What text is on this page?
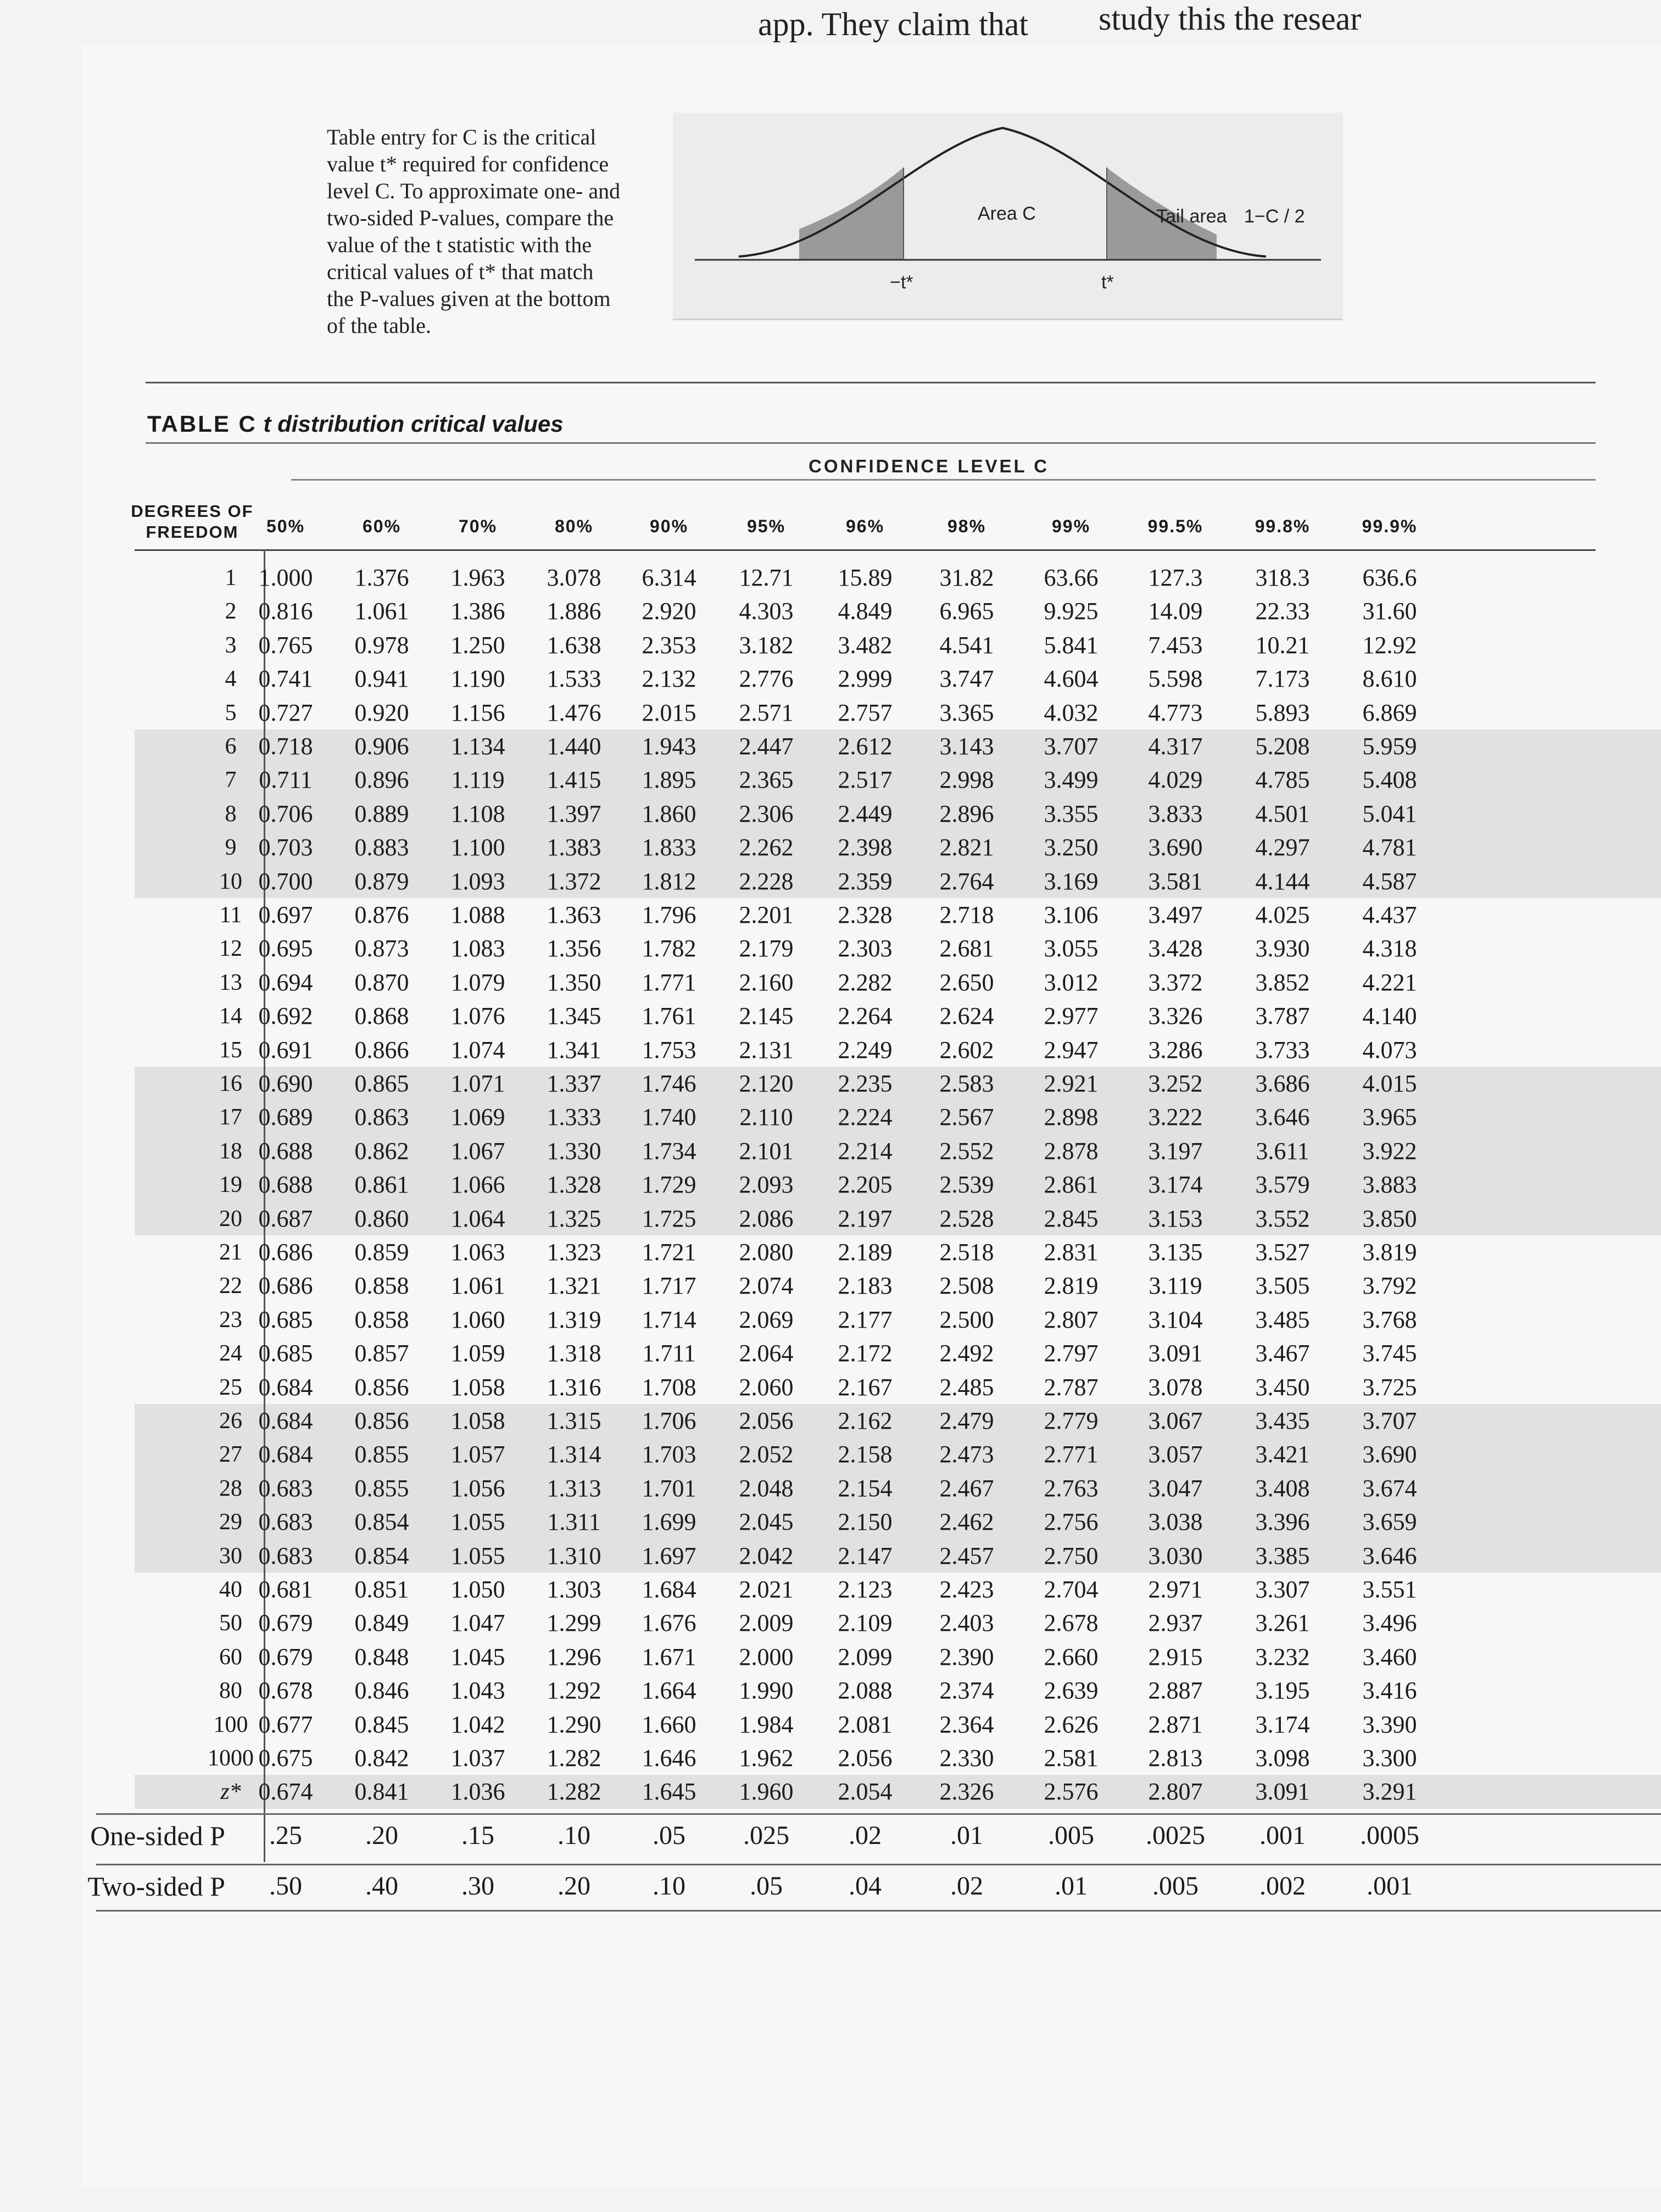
app. They claim that study this the resear
Table entry for C is the critical
value t* required for confidence
level C. To approximate one- and
two-sided P-values, compare the
value of the t statistic with the
critical values of t* that match
the P-values given at the bottom
of the table.
Area C	Tail area 1−C / 2
−t*	t*
TABLE C t distribution critical values
CONFIDENCE LEVEL C
DEGREES OF
FREEDOM	50%	60%	70%	80%	90%	95%	96%	98%	99%	99.5%	99.8%	99.9%
1 1.000	1.376	1.963	3.078	6.314	12.71	15.89	31.82	63.66	127.3	318.3	636.6
2 0.816	1.061	1.386	1.886	2.920	4.303	4.849	6.965	9.925	14.09	22.33	31.60
3 0.765	0.978	1.250	1.638	2.353	3.182	3.482	4.541	5.841	7.453	10.21	12.92
4 0.741	0.941	1.190	1.533	2.132	2.776	2.999	3.747	4.604	5.598	7.173	8.610
5 0.727	0.920	1.156	1.476	2.015	2.571	2.757	3.365	4.032	4.773	5.893	6.869
6 0.718	0.906	1.134	1.440	1.943	2.447	2.612	3.143	3.707	4.317	5.208	5.959
7 0.711	0.896	1.119	1.415	1.895	2.365	2.517	2.998	3.499	4.029	4.785	5.408
8 0.706	0.889	1.108	1.397	1.860	2.306	2.449	2.896	3.355	3.833	4.501	5.041
9 0.703	0.883	1.100	1.383	1.833	2.262	2.398	2.821	3.250	3.690	4.297	4.781
10 0.700	0.879	1.093	1.372	1.812	2.228	2.359	2.764	3.169	3.581	4.144	4.587
11 0.697	0.876	1.088	1.363	1.796	2.201	2.328	2.718	3.106	3.497	4.025	4.437
12 0.695	0.873	1.083	1.356	1.782	2.179	2.303	2.681	3.055	3.428	3.930	4.318
13 0.694	0.870	1.079	1.350	1.771	2.160	2.282	2.650	3.012	3.372	3.852	4.221
14 0.692	0.868	1.076	1.345	1.761	2.145	2.264	2.624	2.977	3.326	3.787	4.140
15 0.691	0.866	1.074	1.341	1.753	2.131	2.249	2.602	2.947	3.286	3.733	4.073
16 0.690	0.865	1.071	1.337	1.746	2.120	2.235	2.583	2.921	3.252	3.686	4.015
17 0.689	0.863	1.069	1.333	1.740	2.110	2.224	2.567	2.898	3.222	3.646	3.965
18 0.688	0.862	1.067	1.330	1.734	2.101	2.214	2.552	2.878	3.197	3.611	3.922
19 0.688	0.861	1.066	1.328	1.729	2.093	2.205	2.539	2.861	3.174	3.579	3.883
20 0.687	0.860	1.064	1.325	1.725	2.086	2.197	2.528	2.845	3.153	3.552	3.850
21 0.686	0.859	1.063	1.323	1.721	2.080	2.189	2.518	2.831	3.135	3.527	3.819
22 0.686	0.858	1.061	1.321	1.717	2.074	2.183	2.508	2.819	3.119	3.505	3.792
23 0.685	0.858	1.060	1.319	1.714	2.069	2.177	2.500	2.807	3.104	3.485	3.768
24 0.685	0.857	1.059	1.318	1.711	2.064	2.172	2.492	2.797	3.091	3.467	3.745
25 0.684	0.856	1.058	1.316	1.708	2.060	2.167	2.485	2.787	3.078	3.450	3.725
26 0.684	0.856	1.058	1.315	1.706	2.056	2.162	2.479	2.779	3.067	3.435	3.707
27 0.684	0.855	1.057	1.314	1.703	2.052	2.158	2.473	2.771	3.057	3.421	3.690
28 0.683	0.855	1.056	1.313	1.701	2.048	2.154	2.467	2.763	3.047	3.408	3.674
29 0.683	0.854	1.055	1.311	1.699	2.045	2.150	2.462	2.756	3.038	3.396	3.659
30 0.683	0.854	1.055	1.310	1.697	2.042	2.147	2.457	2.750	3.030	3.385	3.646
40 0.681	0.851	1.050	1.303	1.684	2.021	2.123	2.423	2.704	2.971	3.307	3.551
50 0.679	0.849	1.047	1.299	1.676	2.009	2.109	2.403	2.678	2.937	3.261	3.496
60 0.679	0.848	1.045	1.296	1.671	2.000	2.099	2.390	2.660	2.915	3.232	3.460
80 0.678	0.846	1.043	1.292	1.664	1.990	2.088	2.374	2.639	2.887	3.195	3.416
100 0.677	0.845	1.042	1.290	1.660	1.984	2.081	2.364	2.626	2.871	3.174	3.390
1000 0.675	0.842	1.037	1.282	1.646	1.962	2.056	2.330	2.581	2.813	3.098	3.300
z* 0.674	0.841	1.036	1.282	1.645	1.960	2.054	2.326	2.576	2.807	3.091	3.291
One-sided P	.25	.20	.15	.10	.05	.025	.02	.01	.005	.0025	.001	.0005
Two-sided P	.50	.40	.30	.20	.10	.05	.04	.02	.01	.005	.002	.001
